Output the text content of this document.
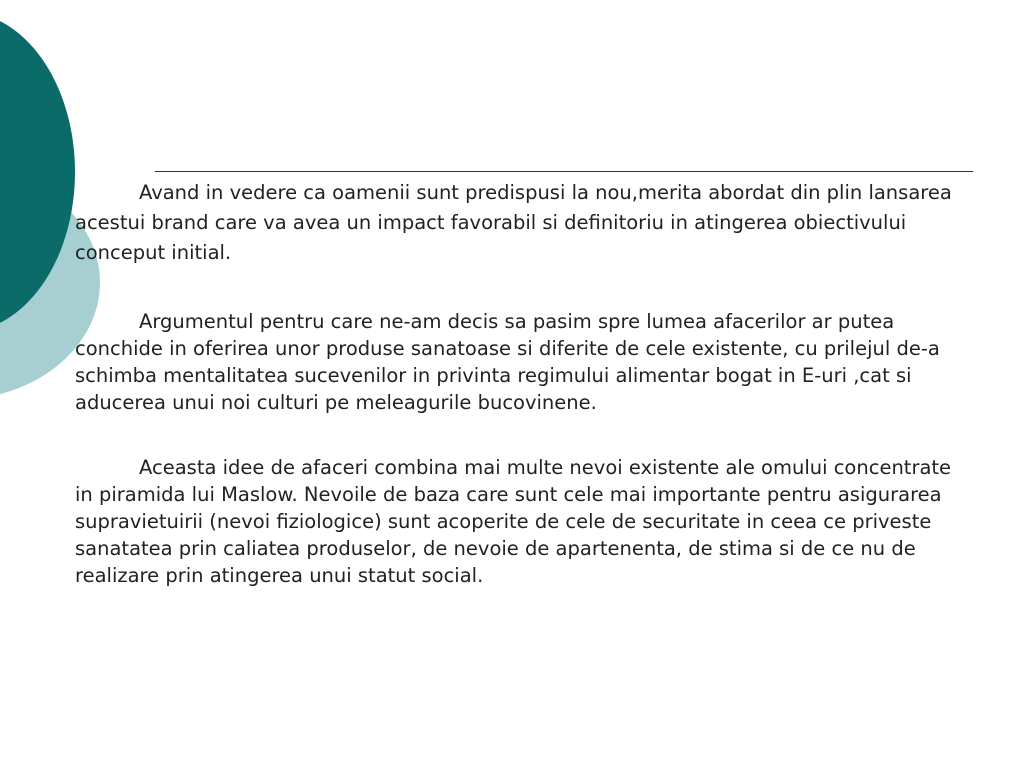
Avand in vedere ca oamenii sunt predispusi la nou,merita abordat din plin lansarea acestui brand care va avea un impact favorabil si definitoriu in atingerea obiectivului conceput initial.

Argumentul pentru care ne-am decis sa pasim spre lumea afacerilor ar putea conchide in oferirea unor produse sanatoase si diferite de cele existente, cu prilejul de-a schimba mentalitatea sucevenilor in privinta regimului alimentar bogat in E-uri ,cat si aducerea unui noi culturi pe meleagurile bucovinene.

Aceasta idee de afaceri combina mai multe nevoi existente ale omului concentrate in piramida lui Maslow. Nevoile de baza care sunt cele mai importante pentru asigurarea supravietuirii (nevoi fiziologice) sunt acoperite de cele de securitate in ceea ce priveste sanatatea prin caliatea produselor, de nevoie de apartenenta, de stima si de ce nu de realizare prin atingerea unui statut social.
